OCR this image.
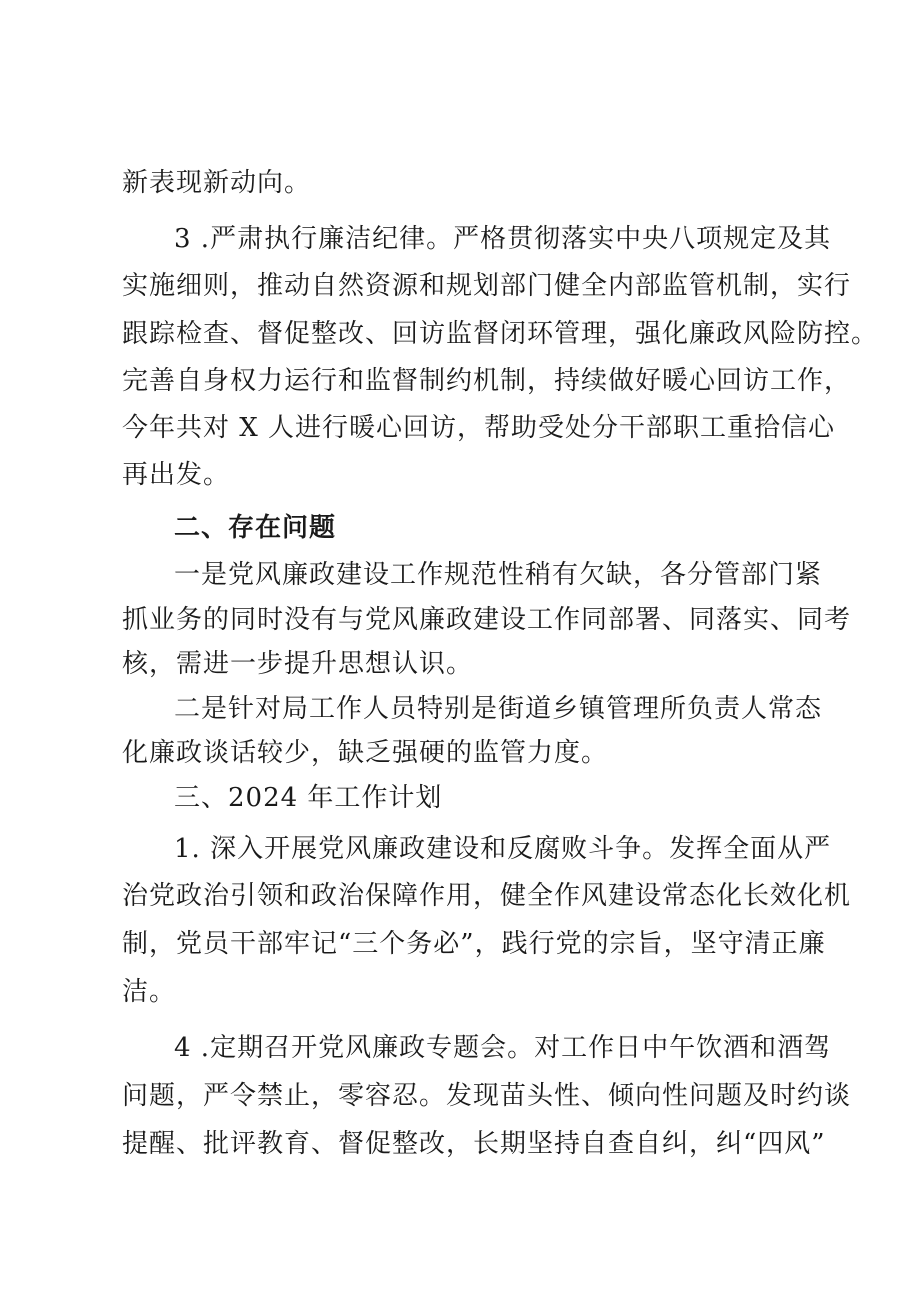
新表现新动向。
3 .严肃执行廉洁纪律。严格贯彻落实中央八项规定及其
实施细则，推动自然资源和规划部门健全内部监管机制，实行
跟踪检查、督促整改、回访监督闭环管理，强化廉政风险防控。
完善自身权力运行和监督制约机制，持续做好暖心回访工作，
今年共对 X 人进行暖心回访，帮助受处分干部职工重拾信心
再出发。
二、存在问题
一是党风廉政建设工作规范性稍有欠缺，各分管部门紧
抓业务的同时没有与党风廉政建设工作同部署、同落实、同考
核，需进一步提升思想认识。
二是针对局工作人员特别是街道乡镇管理所负责人常态
化廉政谈话较少，缺乏强硬的监管力度。
三、2024 年工作计划
1. 深入开展党风廉政建设和反腐败斗争。发挥全面从严
治党政治引领和政治保障作用，健全作风建设常态化长效化机
制，党员干部牢记“三个务必”，践行党的宗旨，坚守清正廉
洁。
4 .定期召开党风廉政专题会。对工作日中午饮酒和酒驾
问题，严令禁止，零容忍。发现苗头性、倾向性问题及时约谈
提醒、批评教育、督促整改，长期坚持自查自纠，纠“四风”
